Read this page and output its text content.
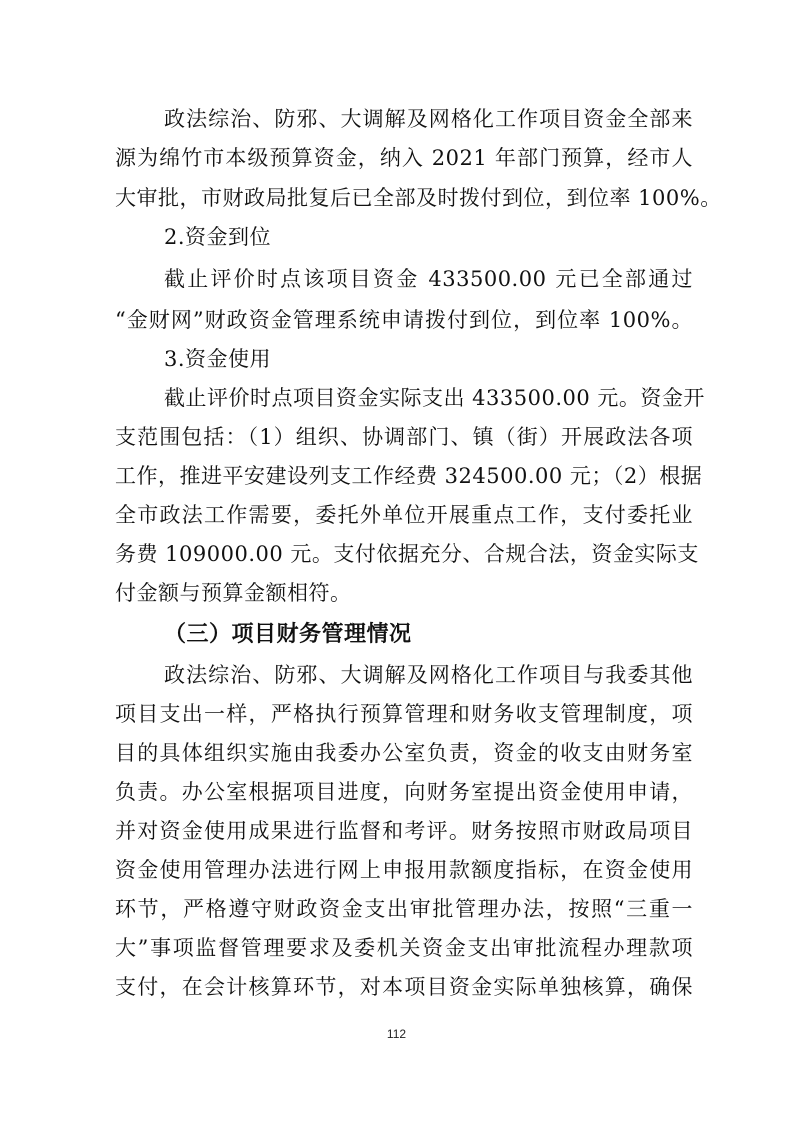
政法综治、防邪、大调解及网格化工作项目资金全部来
源为绵竹市本级预算资金，纳入 2021 年部门预算，经市人
大审批，市财政局批复后已全部及时拨付到位，到位率 100%。
2.资金到位
截止评价时点该项目资金 433500.00 元已全部通过
“金财网”财政资金管理系统申请拨付到位，到位率 100%。
3.资金使用
截止评价时点项目资金实际支出 433500.00 元。资金开
支范围包括：（1）组织、协调部门、镇（街）开展政法各项
工作，推进平安建设列支工作经费 324500.00 元；（2）根据
全市政法工作需要，委托外单位开展重点工作，支付委托业
务费 109000.00 元。支付依据充分、合规合法，资金实际支
付金额与预算金额相符。
（三）项目财务管理情况
政法综治、防邪、大调解及网格化工作项目与我委其他
项目支出一样，严格执行预算管理和财务收支管理制度，项
目的具体组织实施由我委办公室负责，资金的收支由财务室
负责。办公室根据项目进度，向财务室提出资金使用申请，
并对资金使用成果进行监督和考评。财务按照市财政局项目
资金使用管理办法进行网上申报用款额度指标，在资金使用
环节，严格遵守财政资金支出审批管理办法，按照“三重一
大”事项监督管理要求及委机关资金支出审批流程办理款项
支付，在会计核算环节，对本项目资金实际单独核算，确保
112
